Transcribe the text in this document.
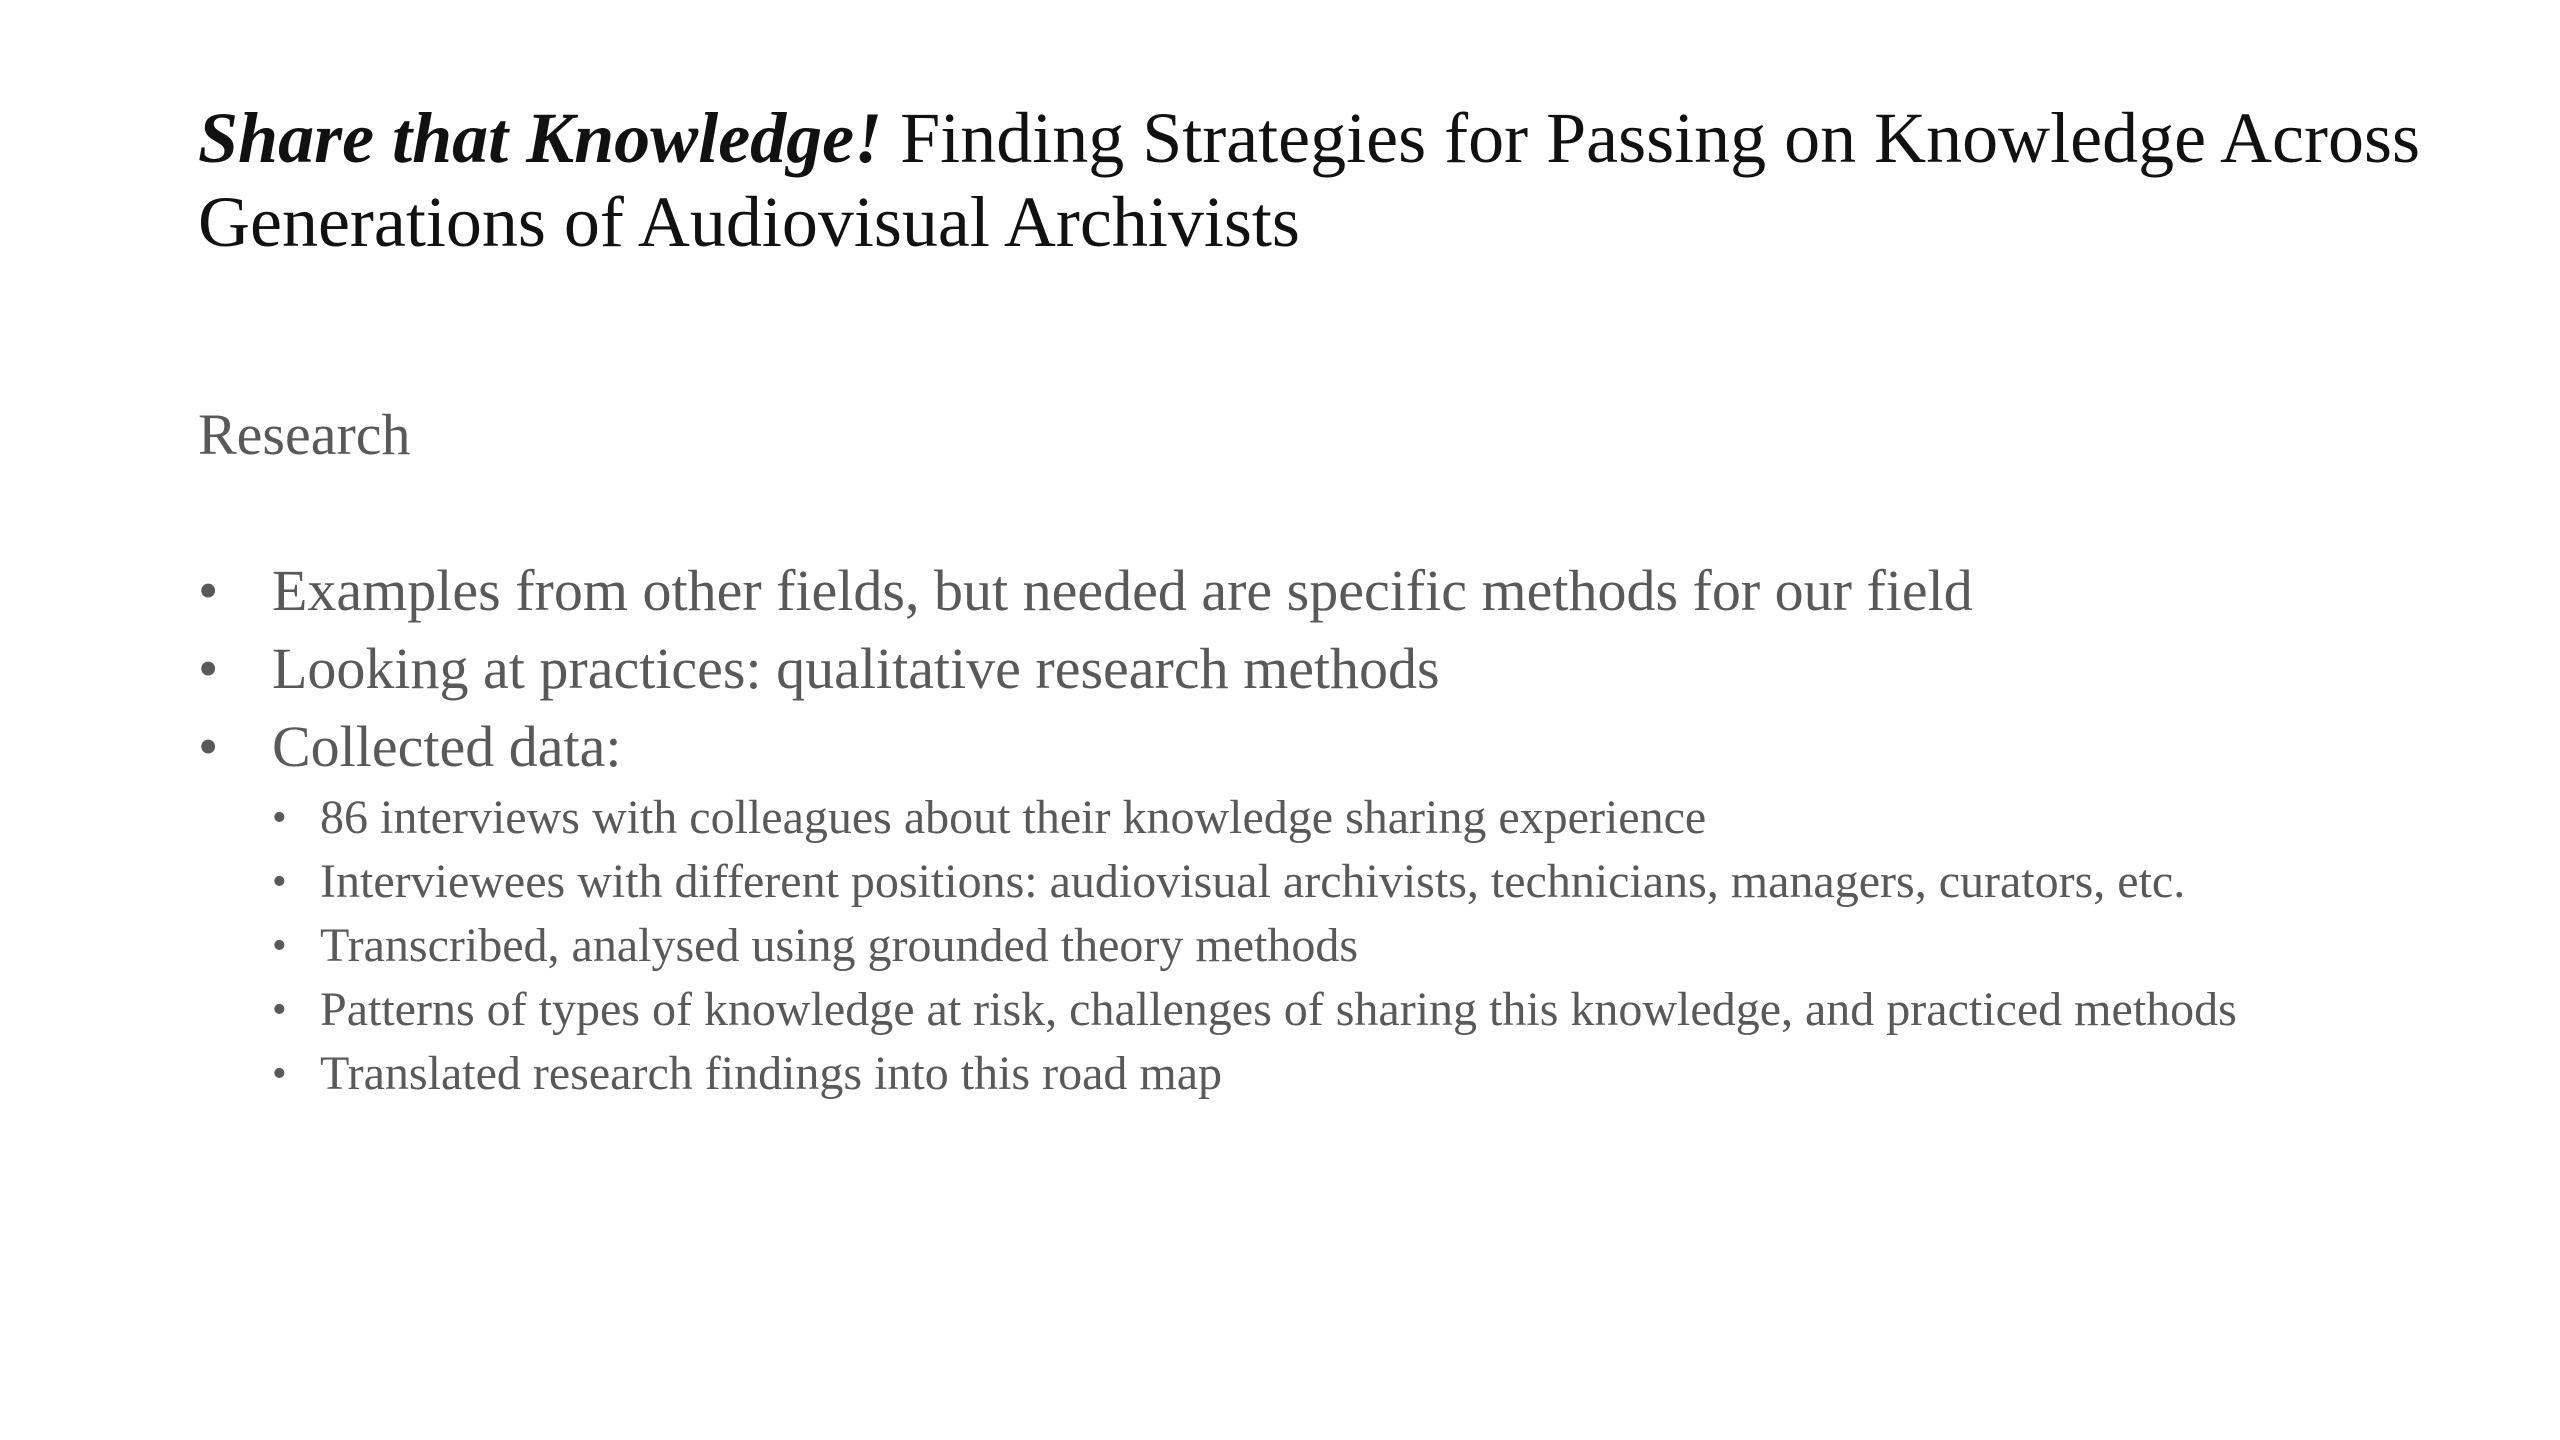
Share that Knowledge! Finding Strategies for Passing on Knowledge Across Generations of Audiovisual Archivists
Research
• Examples from other fields, but needed are specific methods for our field
• Looking at practices: qualitative research methods
• Collected data:
• 86 interviews with colleagues about their knowledge sharing experience
• Interviewees with different positions: audiovisual archivists, technicians, managers, curators, etc.
• Transcribed, analysed using grounded theory methods
• Patterns of types of knowledge at risk, challenges of sharing this knowledge, and practiced methods
• Translated research findings into this road map
